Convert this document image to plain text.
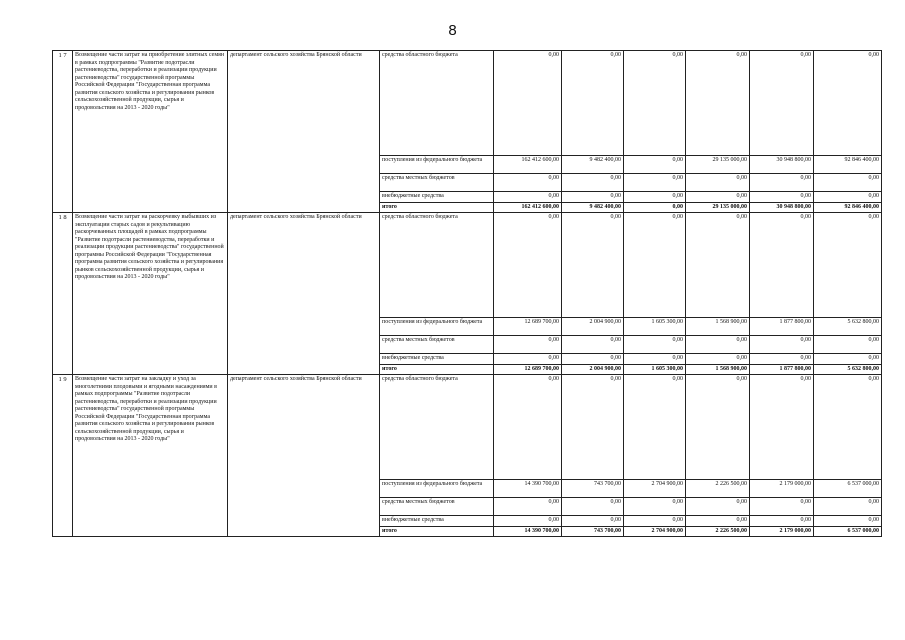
8
1 7	Возмещение части затрат на приобретение элитных семян в рамках подпрограммы "Развитие подотрасли растениеводства, переработки и реализации продукции растениеводства" государственной программы Российской Федерации "Государственная программа развития сельского хозяйства и регулирования рынков сельскохозяйственной продукции, сырья и продовольствия на 2013 - 2020 годы"	департамент сельского хозяйства Брянской области	средства областного бюджета	0,00	0,00	0,00	0,00	0,00	0,00
			поступления из федерального бюджета	162 412 600,00	9 482 400,00	0,00	29 135 000,00	30 948 800,00	92 846 400,00
			средства местных бюджетов	0,00	0,00	0,00	0,00	0,00	0,00
			внебюджетные средства	0,00	0,00	0,00	0,00	0,00	0,00
			итого	162 412 600,00	9 482 400,00	0,00	29 135 000,00	30 948 800,00	92 846 400,00
1 8	Возмещение части затрат на раскорчевку выбывших из эксплуатации старых садов и рекультивацию раскорчеванных площадей в рамках подпрограммы "Развитие подотрасли растениеводства, переработки и реализации продукции растениеводства" государственной программы Российской Федерации "Государственная программа развития сельского хозяйства и регулирования рынков сельскохозяйственной продукции, сырья и продовольствия на 2013 - 2020 годы"	департамент сельского хозяйства Брянской области	средства областного бюджета	0,00	0,00	0,00	0,00	0,00	0,00
			поступления из федерального бюджета	12 689 700,00	2 004 900,00	1 605 300,00	1 568 900,00	1 877 800,00	5 632 800,00
			средства местных бюджетов	0,00	0,00	0,00	0,00	0,00	0,00
			внебюджетные средства	0,00	0,00	0,00	0,00	0,00	0,00
			итого	12 689 700,00	2 004 900,00	1 605 300,00	1 568 900,00	1 877 800,00	5 632 800,00
1 9	Возмещение части затрат на закладку и уход за многолетними плодовыми и ягодными насаждениями в рамках подпрограммы "Развитие подотрасли растениеводства, переработки и реализации продукции растениеводства" государственной программы Российской Федерации "Государственная программа развития сельского хозяйства и регулирования рынков сельскохозяйственной продукции, сырья и продовольствия на 2013 - 2020 годы"	департамент сельского хозяйства Брянской области	средства областного бюджета	0,00	0,00	0,00	0,00	0,00	0,00
			поступления из федерального бюджета	14 390 700,00	743 700,00	2 704 900,00	2 226 500,00	2 179 000,00	6 537 000,00
			средства местных бюджетов	0,00	0,00	0,00	0,00	0,00	0,00
			внебюджетные средства	0,00	0,00	0,00	0,00	0,00	0,00
			итого	14 390 700,00	743 700,00	2 704 900,00	2 226 500,00	2 179 000,00	6 537 000,00
